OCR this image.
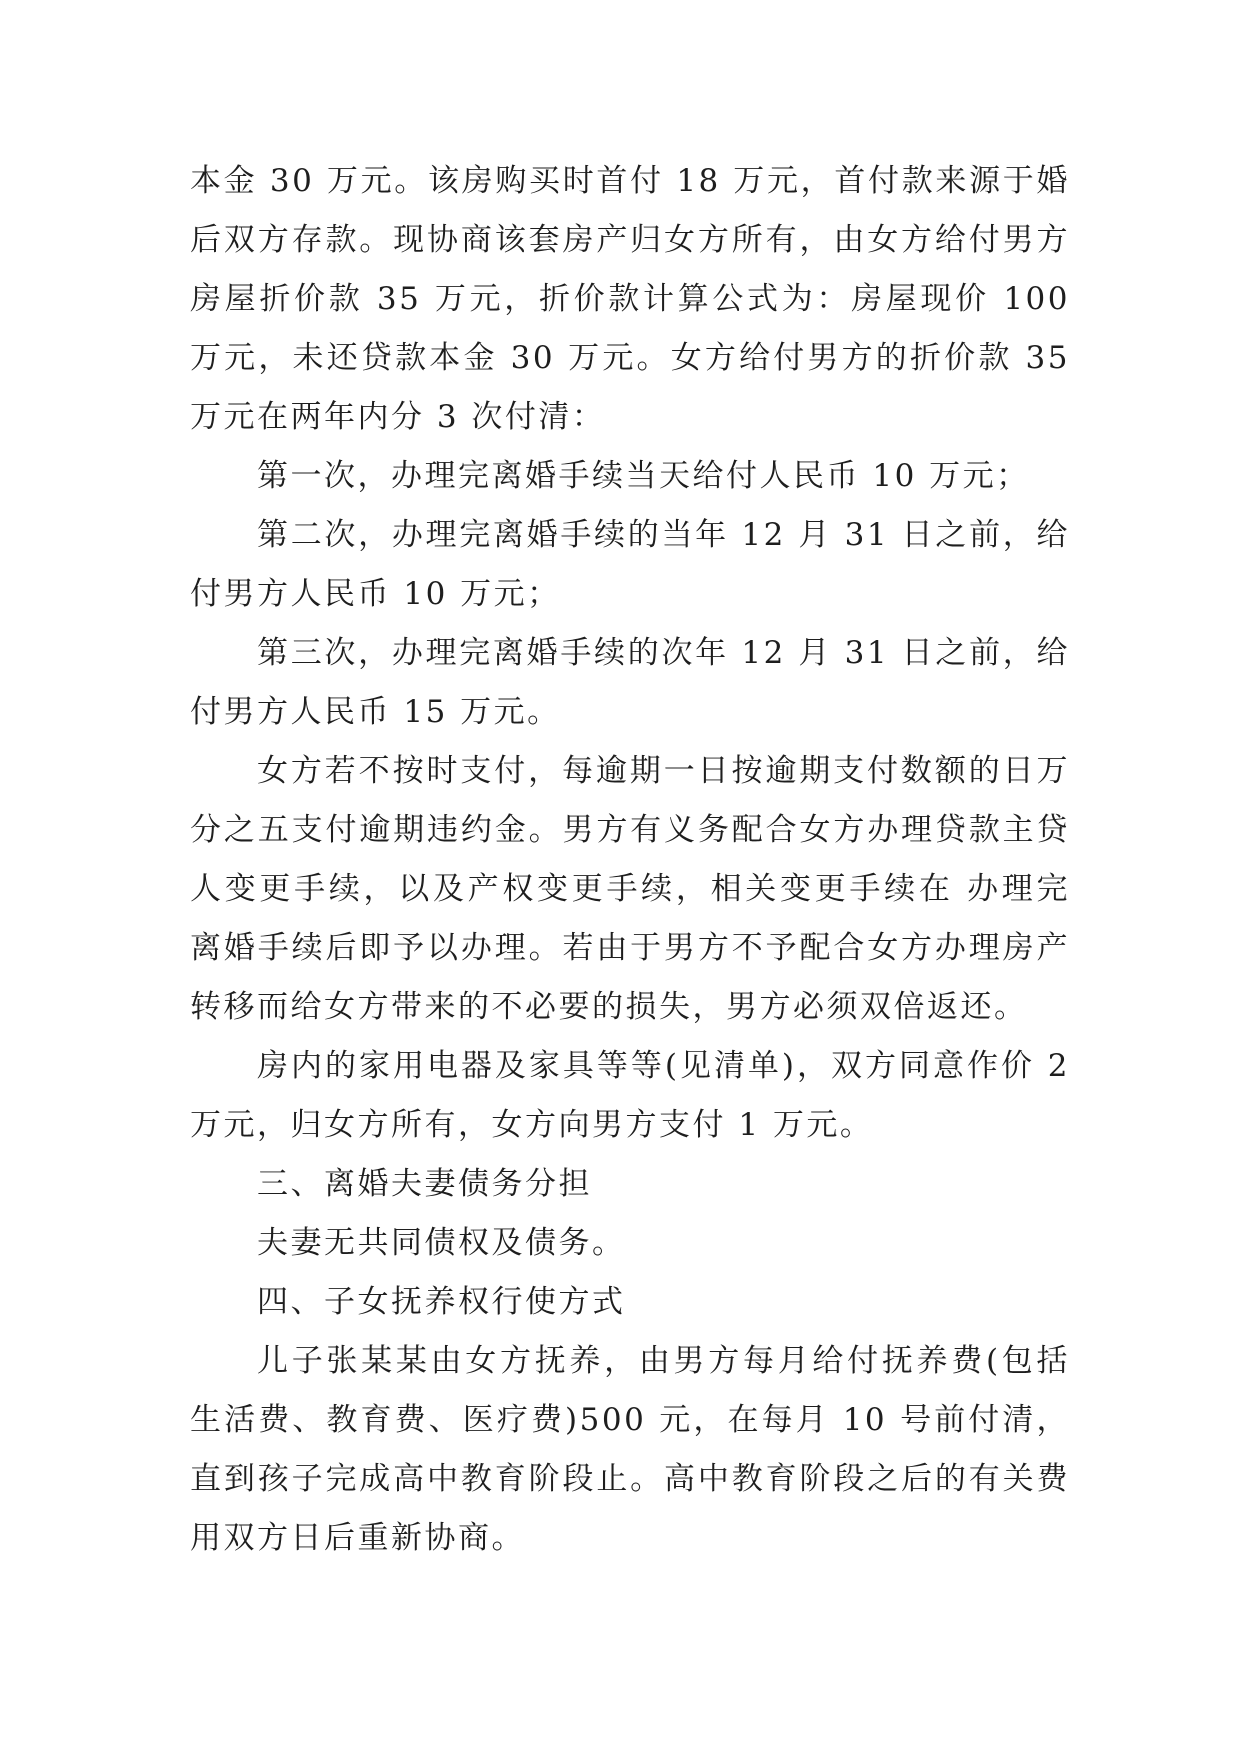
本金 30 万元。该房购买时首付 18 万元，首付款来源于婚后双方存款。现协商该套房产归女方所有，由女方给付男方房屋折价款 35 万元，折价款计算公式为：房屋现价 100 万元，未还贷款本金 30 万元。女方给付男方的折价款 35 万元在两年内分 3 次付清：

第一次，办理完离婚手续当天给付人民币 10 万元；

第二次，办理完离婚手续的当年 12 月 31 日之前，给付男方人民币 10 万元；

第三次，办理完离婚手续的次年 12 月 31 日之前，给付男方人民币 15 万元。

女方若不按时支付，每逾期一日按逾期支付数额的日万分之五支付逾期违约金。男方有义务配合女方办理贷款主贷人变更手续，以及产权变更手续，相关变更手续在 办理完离婚手续后即予以办理。若由于男方不予配合女方办理房产转移而给女方带来的不必要的损失，男方必须双倍返还。

房内的家用电器及家具等等(见清单)，双方同意作价 2 万元，归女方所有，女方向男方支付 1 万元。

三、离婚夫妻债务分担

夫妻无共同债权及债务。

四、子女抚养权行使方式

儿子张某某由女方抚养，由男方每月给付抚养费(包括生活费、教育费、医疗费)500 元，在每月 10 号前付清，直到孩子完成高中教育阶段止。高中教育阶段之后的有关费用双方日后重新协商。
